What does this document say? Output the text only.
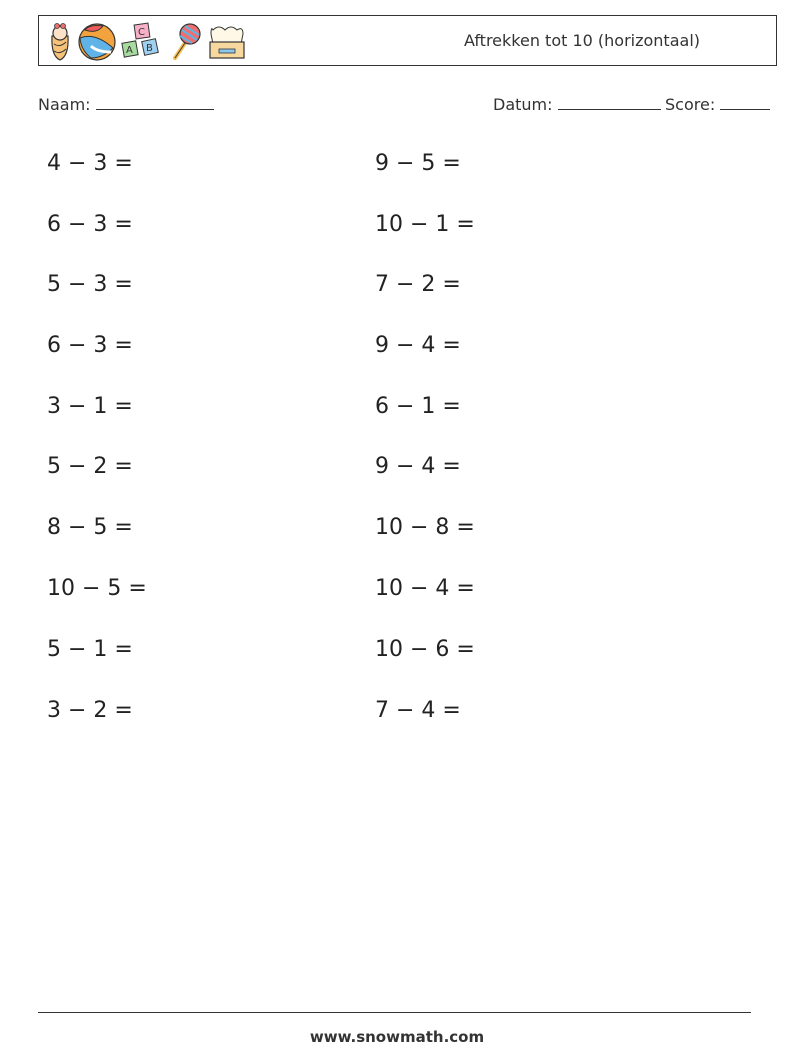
C
A B	Aftrekken tot 10 (horizontaal)
Naam:	Datum:	Score:
4 − 3 =
6 − 3 =
5 − 3 =
6 − 3 =
3 − 1 =
5 − 2 =
8 − 5 =
10 − 5 =
5 − 1 =
3 − 2 =
9 − 5 =
10 − 1 =
7 − 2 =
9 − 4 =
6 − 1 =
9 − 4 =
10 − 8 =
10 − 4 =
10 − 6 =
7 − 4 =
www.snowmath.com
